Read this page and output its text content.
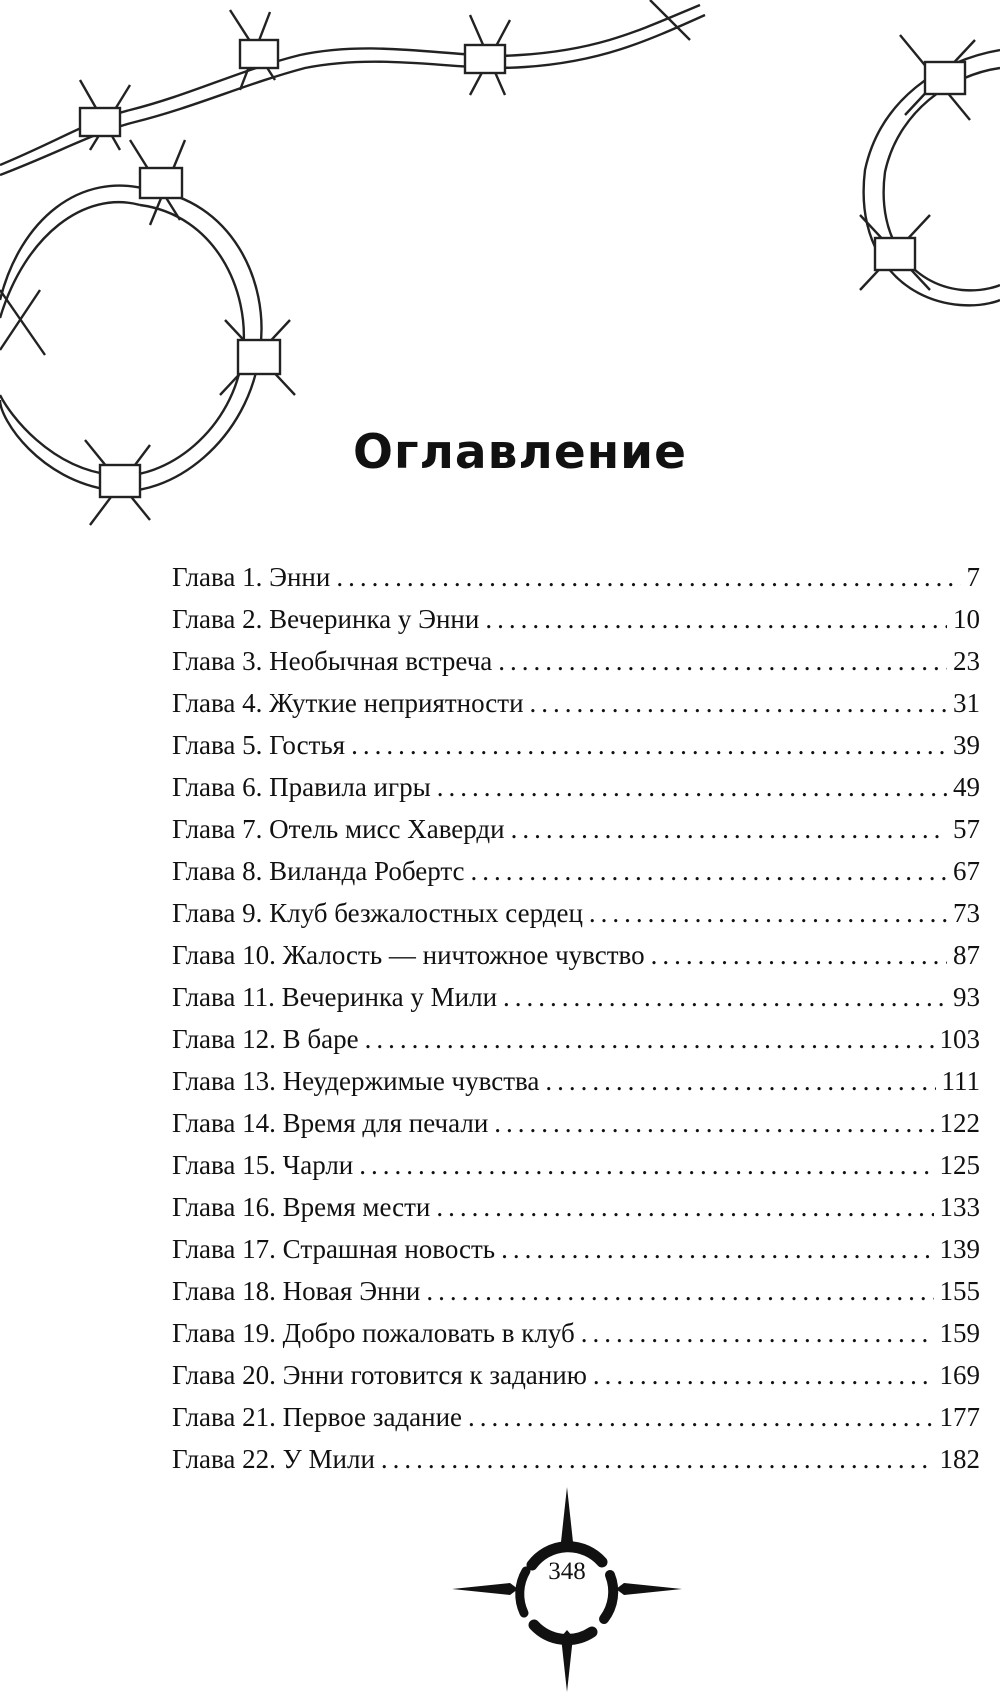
Оглавление
Глава 1. Энни .....	7
Глава 2. Вечеринка у Энни .....	10
Глава 3. Необычная встреча .....	23
Глава 4. Жуткие неприятности .....	31
Глава 5. Гостья .....	39
Глава 6. Правила игры .....	49
Глава 7. Отель мисс Хаверди .....	57
Глава 8. Виланда Робертс .....	67
Глава 9. Клуб безжалостных сердец .....	73
Глава 10. Жалость — ничтожное чувство .....	87
Глава 11. Вечеринка у Мили .....	93
Глава 12. В баре .....	103
Глава 13. Неудержимые чувства .....	111
Глава 14. Время для печали .....	122
Глава 15. Чарли .....	125
Глава 16. Время мести .....	133
Глава 17. Страшная новость .....	139
Глава 18. Новая Энни .....	155
Глава 19. Добро пожаловать в клуб .....	159
Глава 20. Энни готовится к заданию .....	169
Глава 21. Первое задание .....	177
Глава 22. У Мили .....	182
348
